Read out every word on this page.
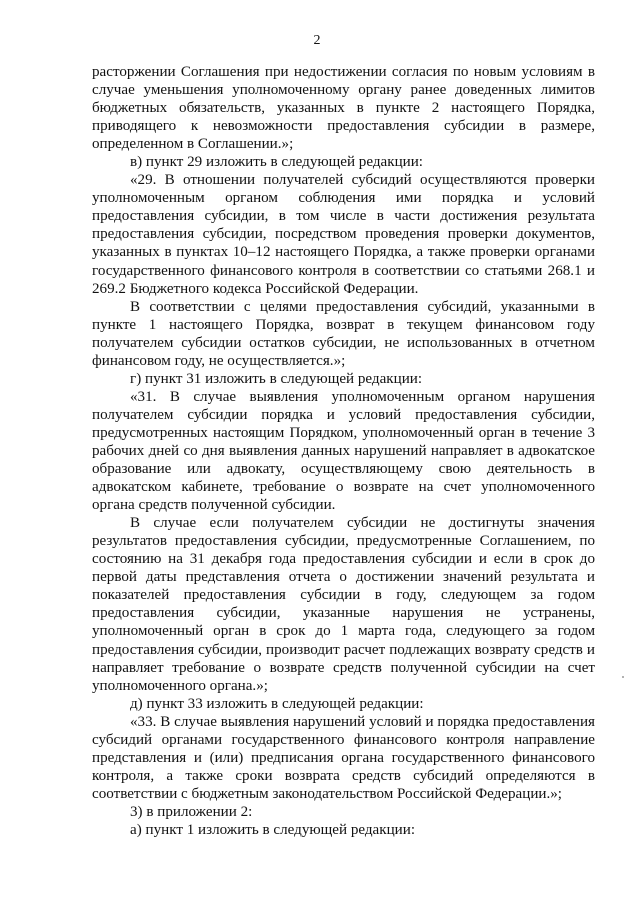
2

расторжении Соглашения при недостижении согласия по новым условиям в случае уменьшения уполномоченному органу ранее доведенных лимитов бюджетных обязательств, указанных в пункте 2 настоящего Порядка, приводящего к невозможности предоставления субсидии в размере, определенном в Соглашении.»;

в) пункт 29 изложить в следующей редакции:

«29. В отношении получателей субсидий осуществляются проверки уполномоченным органом соблюдения ими порядка и условий предоставления субсидии, в том числе в части достижения результата предоставления субсидии, посредством проведения проверки документов, указанных в пунктах 10–12 настоящего Порядка, а также проверки органами государственного финансового контроля в соответствии со статьями 268.1 и 269.2 Бюджетного кодекса Российской Федерации.

В соответствии с целями предоставления субсидий, указанными в пункте 1 настоящего Порядка, возврат в текущем финансовом году получателем субсидии остатков субсидии, не использованных в отчетном финансовом году, не осуществляется.»;

г) пункт 31 изложить в следующей редакции:

«31. В случае выявления уполномоченным органом нарушения получателем субсидии порядка и условий предоставления субсидии, предусмотренных настоящим Порядком, уполномоченный орган в течение 3 рабочих дней со дня выявления данных нарушений направляет в адвокатское образование или адвокату, осуществляющему свою деятельность в адвокатском кабинете, требование о возврате на счет уполномоченного органа средств полученной субсидии.

В случае если получателем субсидии не достигнуты значения результатов предоставления субсидии, предусмотренные Соглашением, по состоянию на 31 декабря года предоставления субсидии и если в срок до первой даты представления отчета о достижении значений результата и показателей предоставления субсидии в году, следующем за годом предоставления субсидии, указанные нарушения не устранены, уполномоченный орган в срок до 1 марта года, следующего за годом предоставления субсидии, производит расчет подлежащих возврату средств и направляет требование о возврате средств полученной субсидии на счет уполномоченного органа.»;

д) пункт 33 изложить в следующей редакции:

«33. В случае выявления нарушений условий и порядка предоставления субсидий органами государственного финансового контроля направление представления и (или) предписания органа государственного финансового контроля, а также сроки возврата средств субсидий определяются в соответствии с бюджетным законодательством Российской Федерации.»;

3) в приложении 2:

а) пункт 1 изложить в следующей редакции:
